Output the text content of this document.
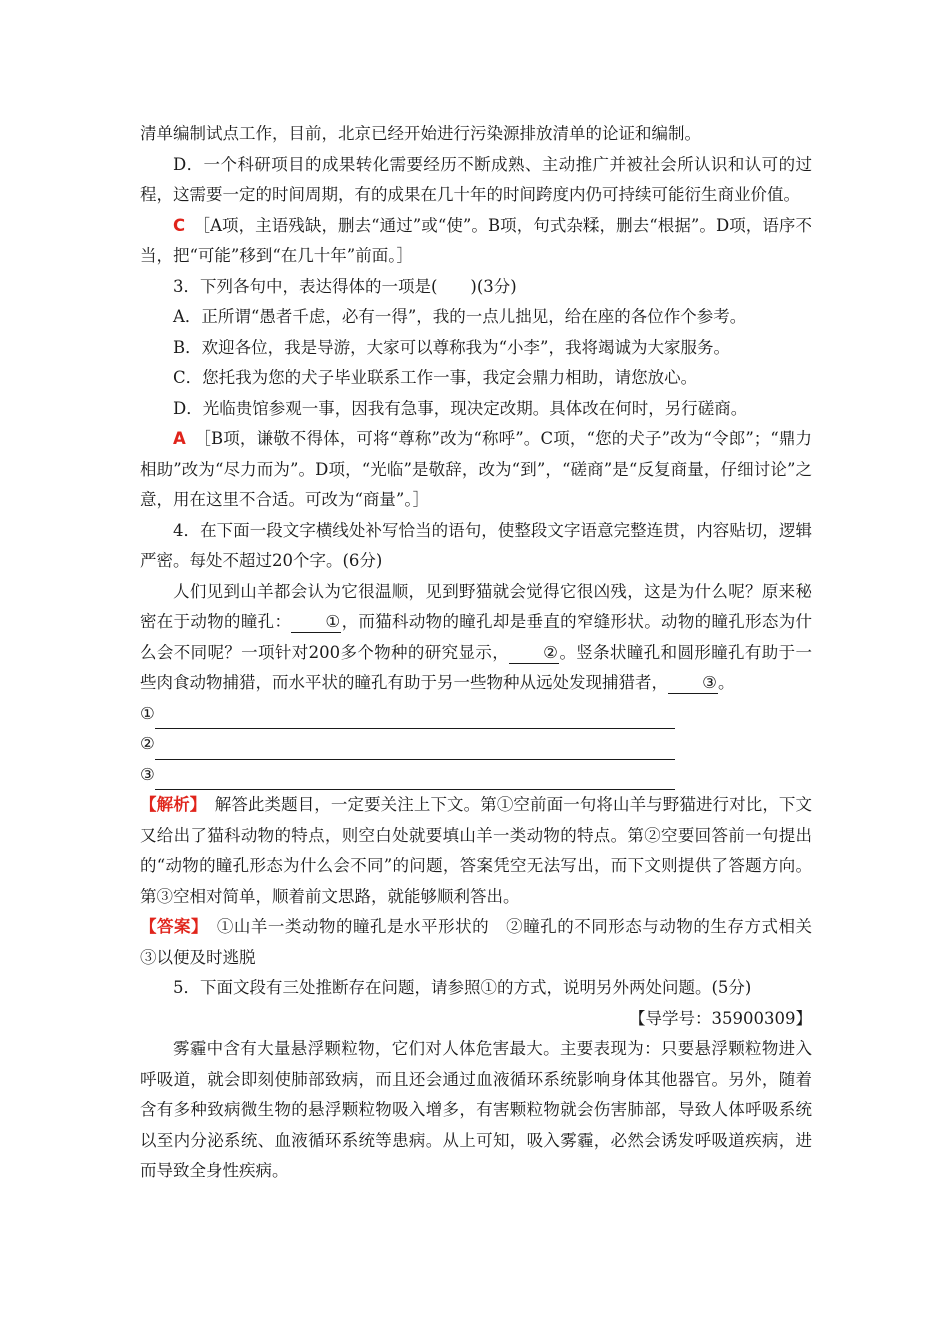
清单编制试点工作，目前，北京已经开始进行污染源排放清单的论证和编制。

D．一个科研项目的成果转化需要经历不断成熟、主动推广并被社会所认识和认可的过程，这需要一定的时间周期，有的成果在几十年的时间跨度内仍可持续可能衍生商业价值。

C　 ［A项，主语残缺，删去“通过”或“使”。B项，句式杂糅，删去“根据”。D项，语序不当，把“可能”移到“在几十年”前面。］

3．下列各句中，表达得体的一项是(　　)(3分)

A．正所谓“愚者千虑，必有一得”，我的一点儿拙见，给在座的各位作个参考。

B．欢迎各位，我是导游，大家可以尊称我为“小李”，我将竭诚为大家服务。

C．您托我为您的犬子毕业联系工作一事，我定会鼎力相助，请您放心。

D．光临贵馆参观一事，因我有急事，现决定改期。具体改在何时，另行磋商。

A　 ［B项，谦敬不得体，可将“尊称”改为“称呼”。C项，“您的犬子”改为“令郎”；“鼎力相助”改为“尽力而为”。D项，“光临”是敬辞，改为“到”，“磋商”是“反复商量，仔细讨论”之意，用在这里不合适。可改为“商量”。］

4．在下面一段文字横线处补写恰当的语句，使整段文字语意完整连贯，内容贴切，逻辑严密。每处不超过20个字。(6分)

人们见到山羊都会认为它很温顺，见到野猫就会觉得它很凶残，这是为什么呢？原来秘密在于动物的瞳孔： ①，而猫科动物的瞳孔却是垂直的窄缝形状。动物的瞳孔形态为什么会不同呢？一项针对200多个物种的研究显示， ②。竖条状瞳孔和圆形瞳孔有助于一些肉食动物捕猎，而水平状的瞳孔有助于另一些物种从远处发现捕猎者， ③。

①
②
③

【解析】　解答此类题目，一定要关注上下文。第①空前面一句将山羊与野猫进行对比，下文又给出了猫科动物的特点，则空白处就要填山羊一类动物的特点。第②空要回答前一句提出的“动物的瞳孔形态为什么会不同”的问题，答案凭空无法写出，而下文则提供了答题方向。第③空相对简单，顺着前文思路，就能够顺利答出。

【答案】　①山羊一类动物的瞳孔是水平形状的　②瞳孔的不同形态与动物的生存方式相关　③以便及时逃脱

5．下面文段有三处推断存在问题，请参照①的方式，说明另外两处问题。(5分)

【导学号：35900309】

雾霾中含有大量悬浮颗粒物，它们对人体危害最大。主要表现为：只要悬浮颗粒物进入呼吸道，就会即刻使肺部致病，而且还会通过血液循环系统影响身体其他器官。另外，随着含有多种致病微生物的悬浮颗粒物吸入增多，有害颗粒物就会伤害肺部，导致人体呼吸系统以至内分泌系统、血液循环系统等患病。从上可知，吸入雾霾，必然会诱发呼吸道疾病，进而导致全身性疾病。
